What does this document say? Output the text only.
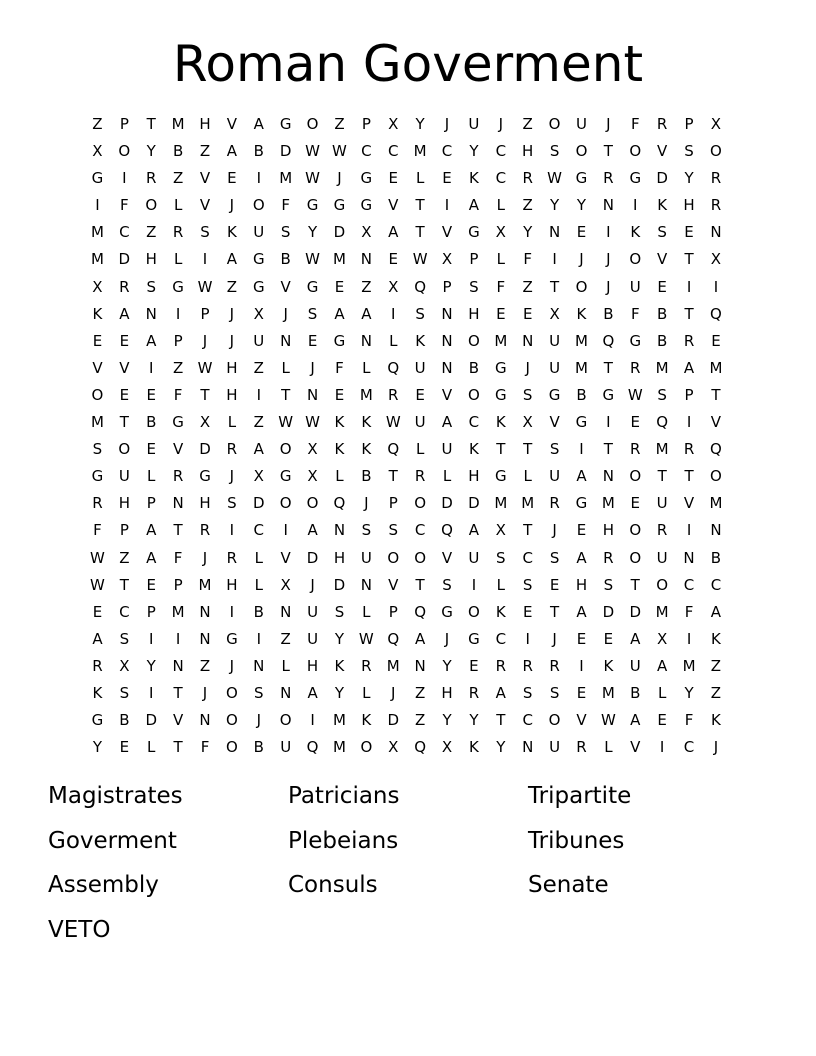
Roman Goverment
Z	P	T	M H	V	A	G	O	Z	P	X	Y	J	U	J	Z	O	U	J	F	R	P	X
X	O	Y	B	Z	A	B	D W W C	C	M	C	Y	C	H	S	O	T	O	V	S	O
G	I	R	Z	V	E	I	M W	J	G	E	L	E	K	C	R W G	R	G	D	Y	R
I	F	O	L	V	J	O	F	G	G	G	V	T	I	A	L	Z	Y	Y	N	I	K	H	R
M	C	Z	R	S	K	U	S	Y	D	X	A	T	V	G	X	Y	N	E	I	K	S	E	N
M D	H	L	I	A	G	B W M N	E W X	P	L	F	I	J	J	O	V	T	X
X	R	S	G W Z	G	V	G	E	Z	X	Q	P	S	F	Z	T	O	J	U	E	I	I
K	A	N	I	P	J	X	J	S	A	A	I	S	N	H	E	E	X	K	B	F	B	T	Q
E	E	A	P	J	J	U	N	E	G	N	L	K	N	O M N	U M Q	G	B	R	E
V	V	I	Z W H	Z	L	J	F	L	Q	U	N	B	G	J	U M	T	R	M	A	M
O	E	E	F	T	H	I	T	N	E	M	R	E	V	O	G	S	G	B	G W S	P	T
M	T	B	G	X	L	Z W W K	K W U	A	C	K	X	V	G	I	E	Q	I	V
S	O	E	V	D	R	A	O	X	K	K	Q	L	U	K	T	T	S	I	T	R	M	R	Q
G	U	L	R	G	J	X	G	X	L	B	T	R	L	H	G	L	U	A	N	O	T	T	O
R	H	P	N	H	S	D	O	O	Q	J	P	O	D	D M M	R	G M	E	U	V	M
F	P	A	T	R	I	C	I	A	N	S	S	C	Q	A	X	T	J	E	H	O	R	I	N
W Z	A	F	J	R	L	V	D	H	U	O	O	V	U	S	C	S	A	R	O	U	N	B
W T	E	P	M H	L	X	J	D	N	V	T	S	I	L	S	E	H	S	T	O	C	C
E	C	P	M N	I	B	N	U	S	L	P	Q	G	O	K	E	T	A	D	D M	F	A
A	S	I	I	N	G	I	Z	U	Y W Q	A	J	G	C	I	J	E	E	A	X	I	K
R	X	Y	N	Z	J	N	L	H	K	R	M N	Y	E	R	R	R	I	K	U	A	M	Z
K	S	I	T	J	O	S	N	A	Y	L	J	Z	H	R	A	S	S	E	M	B	L	Y	Z
G	B	D	V	N	O	J	O	I	M	K	D	Z	Y	Y	T	C	O	V W A	E	F	K
Y	E	L	T	F	O	B	U	Q M O	X	Q	X	K	Y	N	U	R	L	V	I	C	J
Magistrates	Patricians	Tripartite
Goverment	Plebeians	Tribunes
Assembly	Consuls	Senate
VETO
